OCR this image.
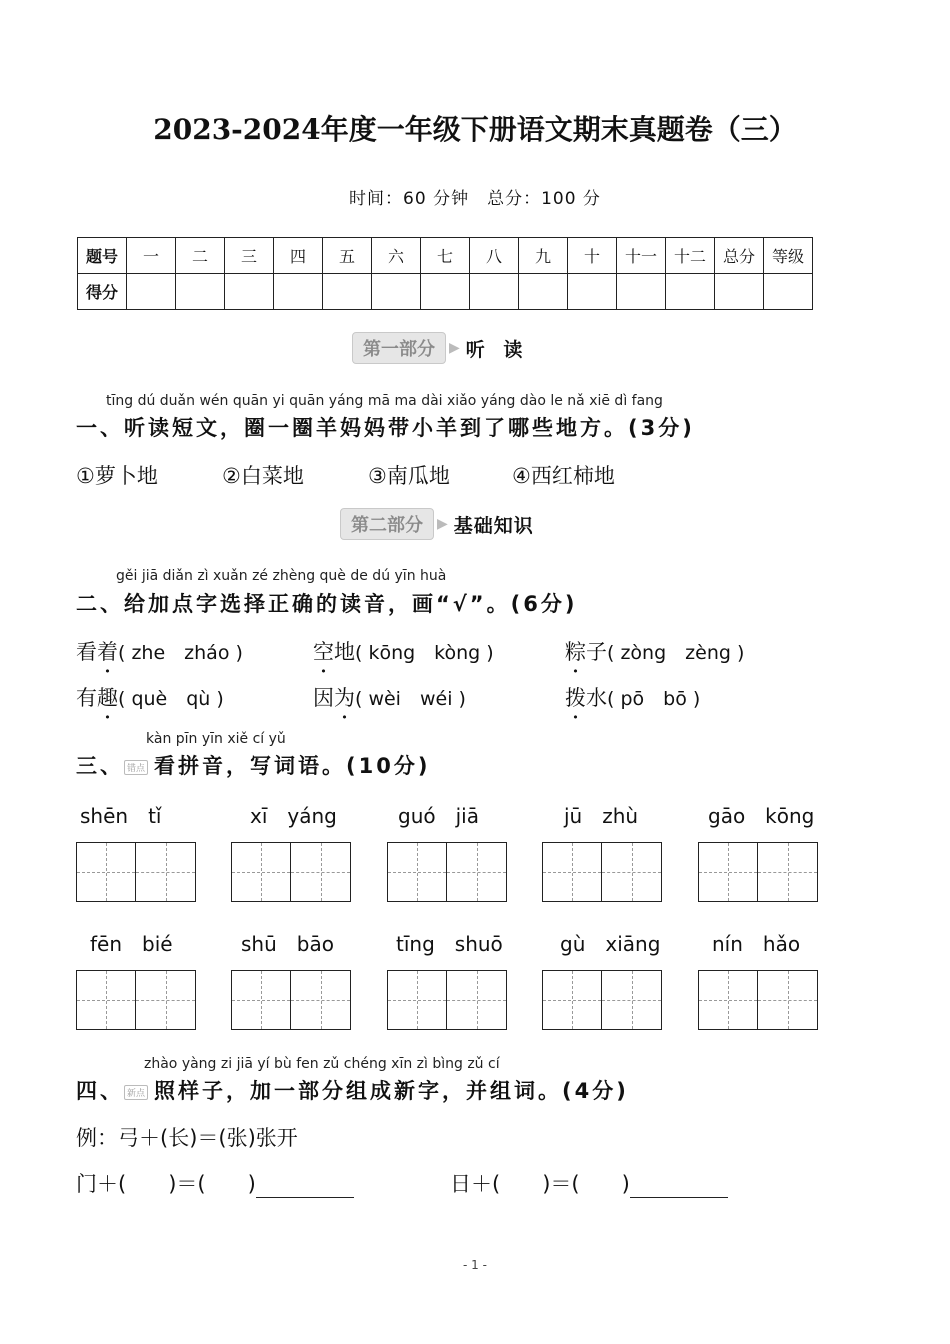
2023-2024年度一年级下册语文期末真题卷（三）
时间：60 分钟　总分：100 分
题号	一	二	三	四	五	六	七	八	九	十	十一	十二	总分	等级
得分														
第一部分	▶ 听 读
tīng dú duǎn wén quān yi quān yáng mā ma dài xiǎo yáng dào le nǎ xiē dì fang
一、听读短文，圈一圈羊妈妈带小羊到了哪些地方。(3分)
①萝卜地	②白菜地	③南瓜地	④西红柿地
第二部分	▶ 基础知识
gěi jiā diǎn zì xuǎn zé zhèng què de dú yīn huà
二、给加点字选择正确的读音，画“√”。(6分)
看着( zhe　zháo )	空地( kōng　kòng )	粽子( zòng　zèng )
有趣( què　qù )	因为( wèi　wéi )	拨水( pō　bō )
kàn pīn yīn xiě cí yǔ
三、 错点 看拼音，写词语。(10分)
shēn　tǐ	xī　yáng	guó　jiā	jū　zhù	gāo　kōng
fēn　bié	shū　bāo	tīng　shuō	gù　xiāng	nín　hǎo
zhào yàng zi jiā yí bù fen zǔ chéng xīn zì bìng zǔ cí
四、 新点 照样子，加一部分组成新字，并组词。(4分)
例：弓＋(长)＝(张)张开
门＋(　　)＝(　　)	日＋(　　)＝(　　)
- 1 -
